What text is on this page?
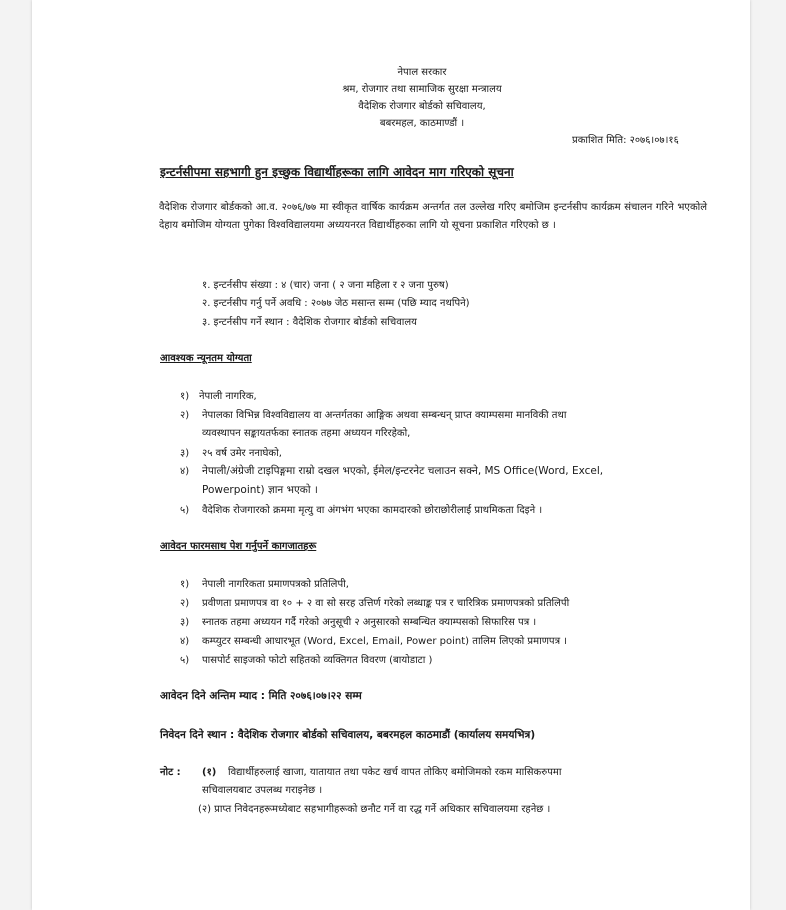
नेपाल सरकार
श्रम, रोजगार तथा सामाजिक सुरक्षा मन्त्रालय
वैदेशिक रोजगार बोर्डको सचिवालय,
बबरमहल, काठमाण्डौं ।
प्रकाशित मिति: २०७६।०७।१६
इन्टर्नसीपमा सहभागी हुन इच्छुक विद्यार्थीहरूका लागि आवेदन माग गरिएको सूचना
वैदेशिक रोजगार बोर्डकको आ.व. २०७६/७७ मा स्वीकृत वार्षिक कार्यक्रम अन्तर्गत तल उल्लेख गरिए बमोजिम इन्टर्नसीप कार्यक्रम संचालन गरिने भएकोले देहाय बमोजिम योग्यता पुगेका विश्वविद्यालयमा अध्ययनरत विद्यार्थीहरुका लागि यो सूचना प्रकाशित गरिएको छ ।
१. इन्टर्नसीप संख्या : ४ (चार) जना ( २ जना महिला र २ जना पुरुष)
२. इन्टर्नसीप गर्नु पर्ने अवधि : २०७७ जेठ मसान्त सम्म (पछि म्याद नथपिने)
३. इन्टर्नसीप गर्ने स्थान : वैदेशिक रोजगार बोर्डको सचिवालय
आवश्यक न्यूनतम योग्यता
१) नेपाली नागरिक,
२) नेपालका विभिन्न विश्वविद्यालय वा अन्तर्गतका आङ्गिक अथवा सम्बन्धन् प्राप्त क्याम्पसमा मानविकी तथा
व्यवस्थापन सङ्काय‌तर्फका स्नातक तहमा अध्ययन गरिरहेको,
३) २५ वर्ष उमेर ननाघेको,
४) नेपाली/अंग्रेजी टाइपिङ्गमा राम्रो दखल भएको, ईमेल/इन्टरनेट चलाउन सक्ने, MS Office(Word, Excel,
Powerpoint) ज्ञान भएको ।
५) वैदेशिक रोजगारको क्रममा मृत्यु वा अंगभंग भएका कामदारको छोराछोरीलाई प्राथमिकता दिइने ।
आवेदन फारमसाथ पेश गर्नुपर्ने कागजातहरू
१) नेपाली नागरिकता प्रमाणपत्रको प्रतिलिपी,
२) प्रवीणता प्रमाणपत्र वा १० + २ वा सो सरह उत्तिर्ण गरेको लब्धाङ्क पत्र र चारित्रिक प्रमाणपत्रको प्रतिलिपी
३) स्नातक तहमा अध्ययन गर्दै गरेको अनुसूची २ अनुसारको सम्बन्धित क्याम्पसको सिफारिस पत्र ।
४) कम्प्युटर सम्बन्धी आधारभूत (Word, Excel, Email, Power point) तालिम लिएको प्रमाणपत्र ।
५) पासपोर्ट साइजको फोटो सहितको व्यक्तिगत विवरण (बायोडाटा )
आवेदन दिने अन्तिम म्याद : मिति २०७६।०७।२२ सम्म
निवेदन दिने स्थान : वैदेशिक रोजगार बोर्डको सचिवालय, बबरमहल काठमाडौं (कार्यालय समयभित्र)
नोट : (१) विद्यार्थीहरुलाई खाजा, यातायात तथा पकेट खर्च वापत तोकिए बमोजिमको रकम मासिकरुपमा
सचिवालयबाट उपलब्ध गराइनेछ ।
(२) प्राप्त निवेदनहरूमध्येबाट सहभागीहरूको छनौट गर्ने वा रद्ध गर्ने अधिकार सचिवालयमा रहनेछ ।
